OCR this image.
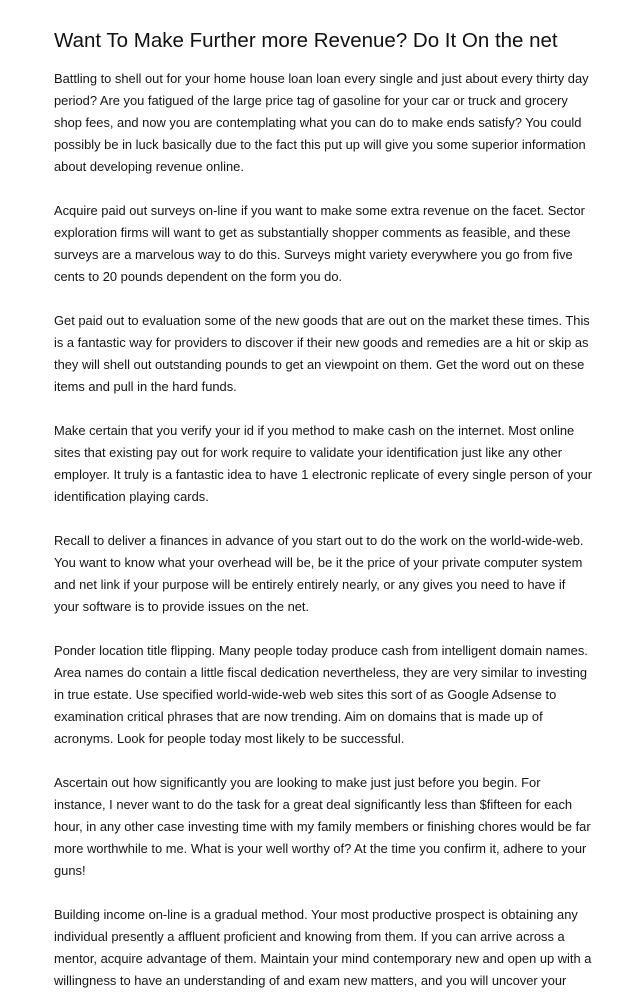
Want To Make Further more Revenue? Do It On the net

Battling to shell out for your home house loan loan every single and just about every thirty day period? Are you fatigued of the large price tag of gasoline for your car or truck and grocery shop fees, and now you are contemplating what you can do to make ends satisfy? You could possibly be in luck basically due to the fact this put up will give you some superior information about developing revenue online.

Acquire paid out surveys on-line if you want to make some extra revenue on the facet. Sector exploration firms will want to get as substantially shopper comments as feasible, and these surveys are a marvelous way to do this. Surveys might variety everywhere you go from five cents to 20 pounds dependent on the form you do.

Get paid out to evaluation some of the new goods that are out on the market these times. This is a fantastic way for providers to discover if their new goods and remedies are a hit or skip as they will shell out outstanding pounds to get an viewpoint on them. Get the word out on these items and pull in the hard funds.

Make certain that you verify your id if you method to make cash on the internet. Most online sites that existing pay out for work require to validate your identification just like any other employer. It truly is a fantastic idea to have 1 electronic replicate of every single person of your identification playing cards.

Recall to deliver a finances in advance of you start out to do the work on the world-wide-web. You want to know what your overhead will be, be it the price of your private computer system and net link if your purpose will be entirely entirely nearly, or any gives you need to have if your software is to provide issues on the net.

Ponder location title flipping. Many people today produce cash from intelligent domain names. Area names do contain a little fiscal dedication nevertheless, they are very similar to investing in true estate. Use specified world-wide-web web sites this sort of as Google Adsense to examination critical phrases that are now trending. Aim on domains that is made up of acronyms. Look for people today most likely to be successful.

Ascertain out how significantly you are looking to make just just before you begin. For instance, I never want to do the task for a great deal significantly less than $fifteen for each hour, in any other case investing time with my family members or finishing chores would be far more worthwhile to me. What is your well worthy of? At the time you confirm it, adhere to your guns!

Building income on-line is a gradual method. Your most productive prospect is obtaining any individual presently a affluent proficient and knowing from them. If you can arrive across a mentor, acquire advantage of them. Maintain your mind contemporary new and open up with a willingness to have an understanding of and exam new matters, and you will uncover your
